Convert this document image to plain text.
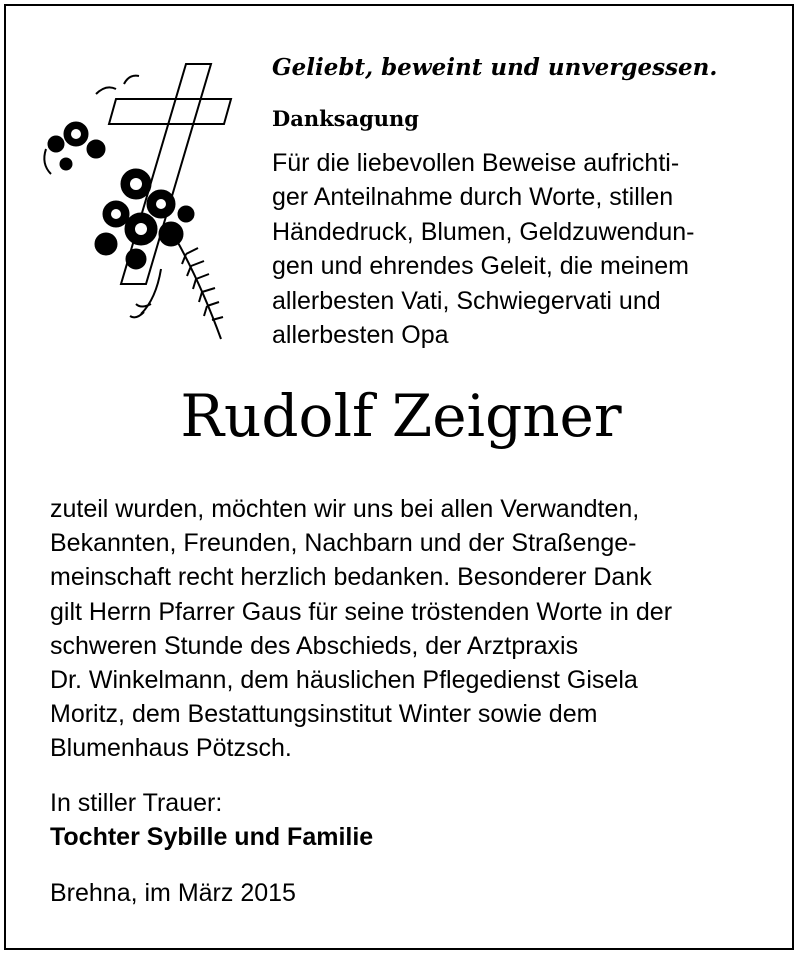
Geliebt, beweint und unvergessen.

Danksagung
Für die liebevollen Beweise aufrichti-
ger Anteilnahme durch Worte, stillen
Händedruck, Blumen, Geldzuwendun-
gen und ehrendes Geleit, die meinem
allerbesten Vati, Schwiegervati und
allerbesten Opa
Rudolf Zeigner
zuteil wurden, möchten wir uns bei allen Verwandten,
Bekannten, Freunden, Nachbarn und der Straßenge-
meinschaft recht herzlich bedanken. Besonderer Dank
gilt Herrn Pfarrer Gaus für seine tröstenden Worte in der
schweren Stunde des Abschieds, der Arztpraxis
Dr. Winkelmann, dem häuslichen Pflegedienst Gisela
Moritz, dem Bestattungsinstitut Winter sowie dem
Blumenhaus Pötzsch.
In stiller Trauer:
Tochter Sybille und Familie
Brehna, im März 2015
